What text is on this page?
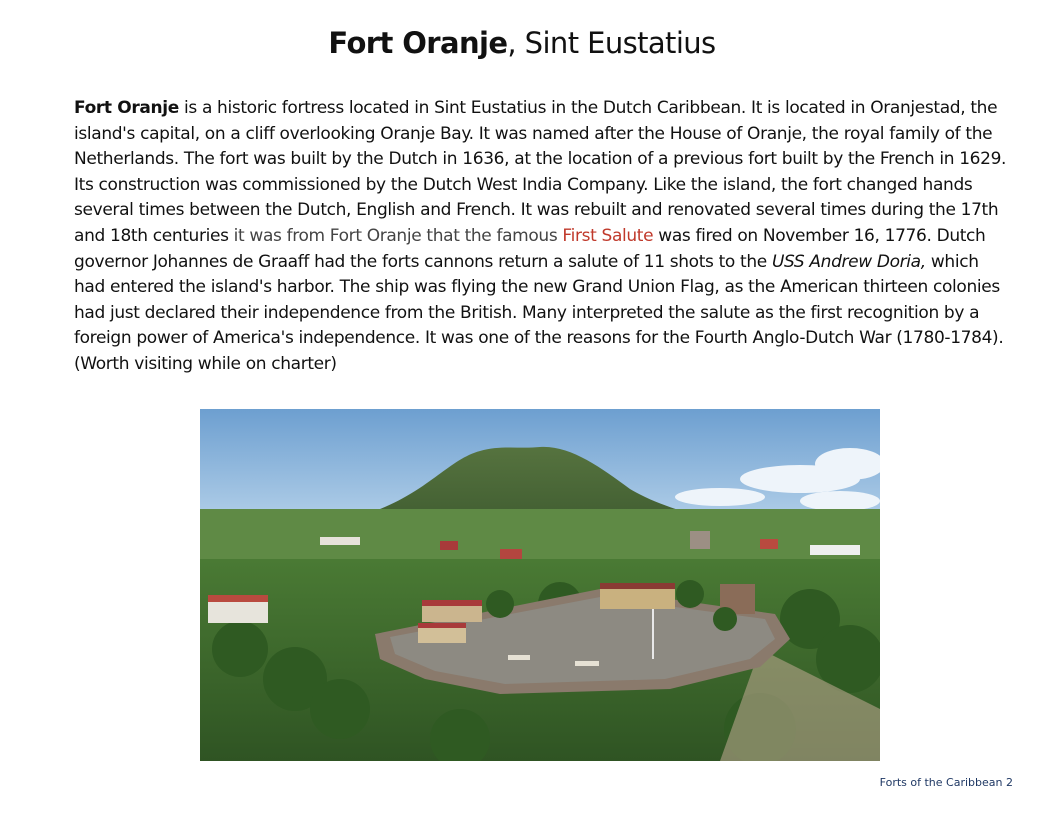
Fort Oranje, Sint Eustatius

Fort Oranje is a historic fortress located in Sint Eustatius in the Dutch Caribbean. It is located in Oranjestad, the island's capital, on a cliff overlooking Oranje Bay. It was named after the House of Oranje, the royal family of the Netherlands. The fort was built by the Dutch in 1636, at the location of a previous fort built by the French in 1629. Its construction was commissioned by the Dutch West India Company. Like the island, the fort changed hands several times between the Dutch, English and French. It was rebuilt and renovated several times during the 17th and 18th centuries it was from Fort Oranje that the famous First Salute was fired on November 16, 1776. Dutch governor Johannes de Graaff had the forts cannons return a salute of 11 shots to the USS Andrew Doria, which had entered the island's harbor. The ship was flying the new Grand Union Flag, as the American thirteen colonies had just declared their independence from the British. Many interpreted the salute as the first recognition by a foreign power of America's independence. It was one of the reasons for the Fourth Anglo-Dutch War (1780-1784). (Worth visiting while on charter)

Forts of the Caribbean 2
